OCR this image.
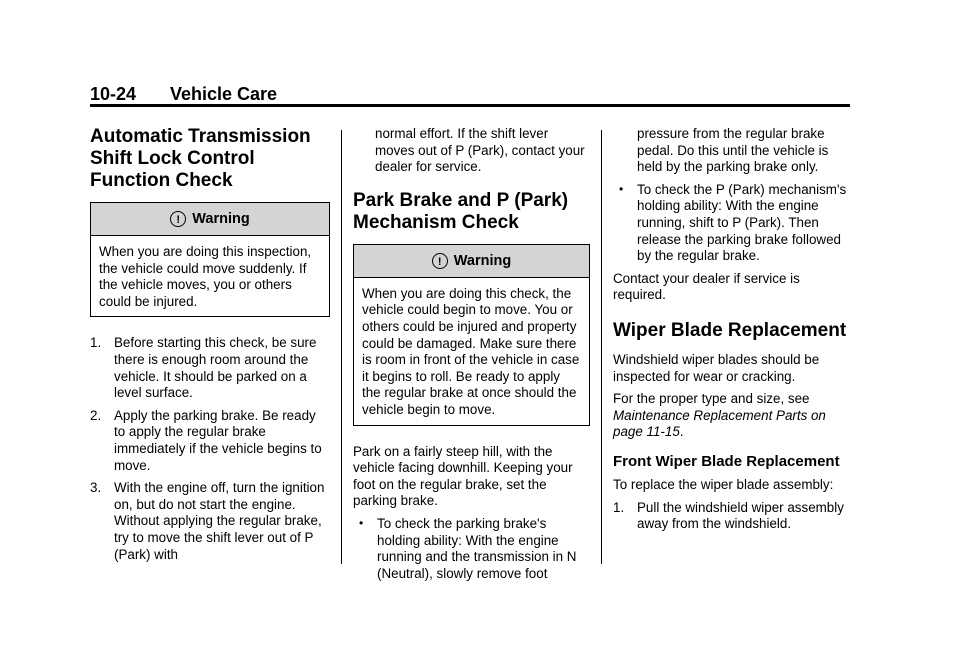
10-24 Vehicle Care
Automatic Transmission Shift Lock Control Function Check
! Warning
When you are doing this inspection, the vehicle could move suddenly. If the vehicle moves, you or others could be injured.
1. Before starting this check, be sure there is enough room around the vehicle. It should be parked on a level surface.
2. Apply the parking brake. Be ready to apply the regular brake immediately if the vehicle begins to move.
3. With the engine off, turn the ignition on, but do not start the engine. Without applying the regular brake, try to move the shift lever out of P (Park) with

normal effort. If the shift lever moves out of P (Park), contact your dealer for service.

Park Brake and P (Park) Mechanism Check
! Warning
When you are doing this check, the vehicle could begin to move. You or others could be injured and property could be damaged. Make sure there is room in front of the vehicle in case it begins to roll. Be ready to apply the regular brake at once should the vehicle begin to move.

Park on a fairly steep hill, with the vehicle facing downhill. Keeping your foot on the regular brake, set the parking brake.

• To check the parking brake's holding ability: With the engine running and the transmission in N (Neutral), slowly remove foot

pressure from the regular brake pedal. Do this until the vehicle is held by the parking brake only.

• To check the P (Park) mechanism's holding ability: With the engine running, shift to P (Park). Then release the parking brake followed by the regular brake.

Contact your dealer if service is required.

Wiper Blade Replacement

Windshield wiper blades should be inspected for wear or cracking.

For the proper type and size, see Maintenance Replacement Parts on page 11-15.

Front Wiper Blade Replacement

To replace the wiper blade assembly:

1. Pull the windshield wiper assembly away from the windshield.
